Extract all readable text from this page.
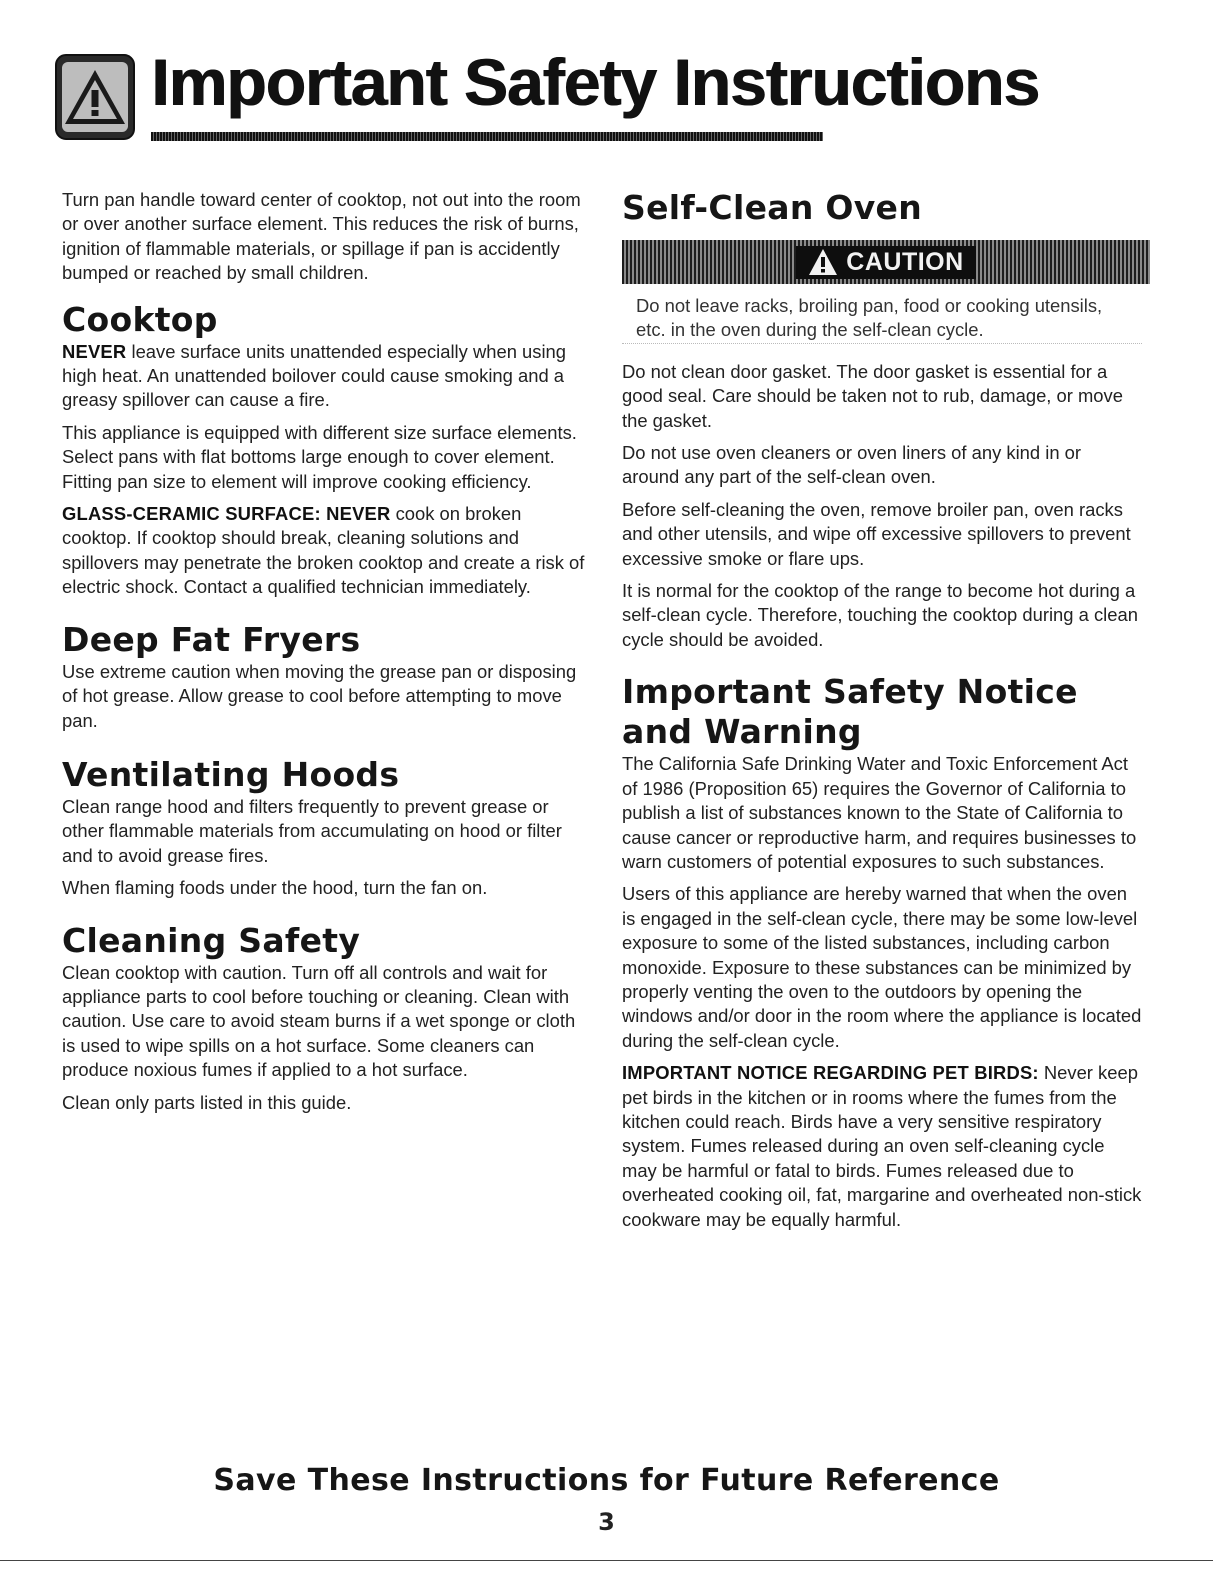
Important Safety Instructions

Turn pan handle toward center of cooktop, not out into the room or over another surface element. This reduces the risk of burns, ignition of flammable materials, or spillage if pan is accidently bumped or reached by small children.

Cooktop

NEVER leave surface units unattended especially when using high heat. An unattended boilover could cause smoking and a greasy spillover can cause a fire.

This appliance is equipped with different size surface elements. Select pans with flat bottoms large enough to cover element. Fitting pan size to element will improve cooking efficiency.

GLASS-CERAMIC SURFACE: NEVER cook on broken cooktop. If cooktop should break, cleaning solutions and spillovers may penetrate the broken cooktop and create a risk of electric shock. Contact a qualified technician immediately.

Deep Fat Fryers

Use extreme caution when moving the grease pan or disposing of hot grease. Allow grease to cool before attempting to move pan.

Ventilating Hoods

Clean range hood and filters frequently to prevent grease or other flammable materials from accumulating on hood or filter and to avoid grease fires.

When flaming foods under the hood, turn the fan on.

Cleaning Safety

Clean cooktop with caution. Turn off all controls and wait for appliance parts to cool before touching or cleaning. Clean with caution. Use care to avoid steam burns if a wet sponge or cloth is used to wipe spills on a hot surface. Some cleaners can produce noxious fumes if applied to a hot surface.

Clean only parts listed in this guide.

Self-Clean Oven
CAUTION
Do not leave racks, broiling pan, food or cooking utensils, etc. in the oven during the self-clean cycle.

Do not clean door gasket. The door gasket is essential for a good seal. Care should be taken not to rub, damage, or move the gasket.

Do not use oven cleaners or oven liners of any kind in or around any part of the self-clean oven.

Before self-cleaning the oven, remove broiler pan, oven racks and other utensils, and wipe off excessive spillovers to prevent excessive smoke or flare ups.

It is normal for the cooktop of the range to become hot during a self-clean cycle. Therefore, touching the cooktop during a clean cycle should be avoided.

Important Safety Notice and Warning

The California Safe Drinking Water and Toxic Enforcement Act of 1986 (Proposition 65) requires the Governor of California to publish a list of substances known to the State of California to cause cancer or reproductive harm, and requires businesses to warn customers of potential exposures to such substances.

Users of this appliance are hereby warned that when the oven is engaged in the self-clean cycle, there may be some low-level exposure to some of the listed substances, including carbon monoxide. Exposure to these substances can be minimized by properly venting the oven to the outdoors by opening the windows and/or door in the room where the appliance is located during the self-clean cycle.

IMPORTANT NOTICE REGARDING PET BIRDS: Never keep pet birds in the kitchen or in rooms where the fumes from the kitchen could reach. Birds have a very sensitive respiratory system. Fumes released during an oven self-cleaning cycle may be harmful or fatal to birds. Fumes released due to overheated cooking oil, fat, margarine and overheated non-stick cookware may be equally harmful.

Save These Instructions for Future Reference
3
